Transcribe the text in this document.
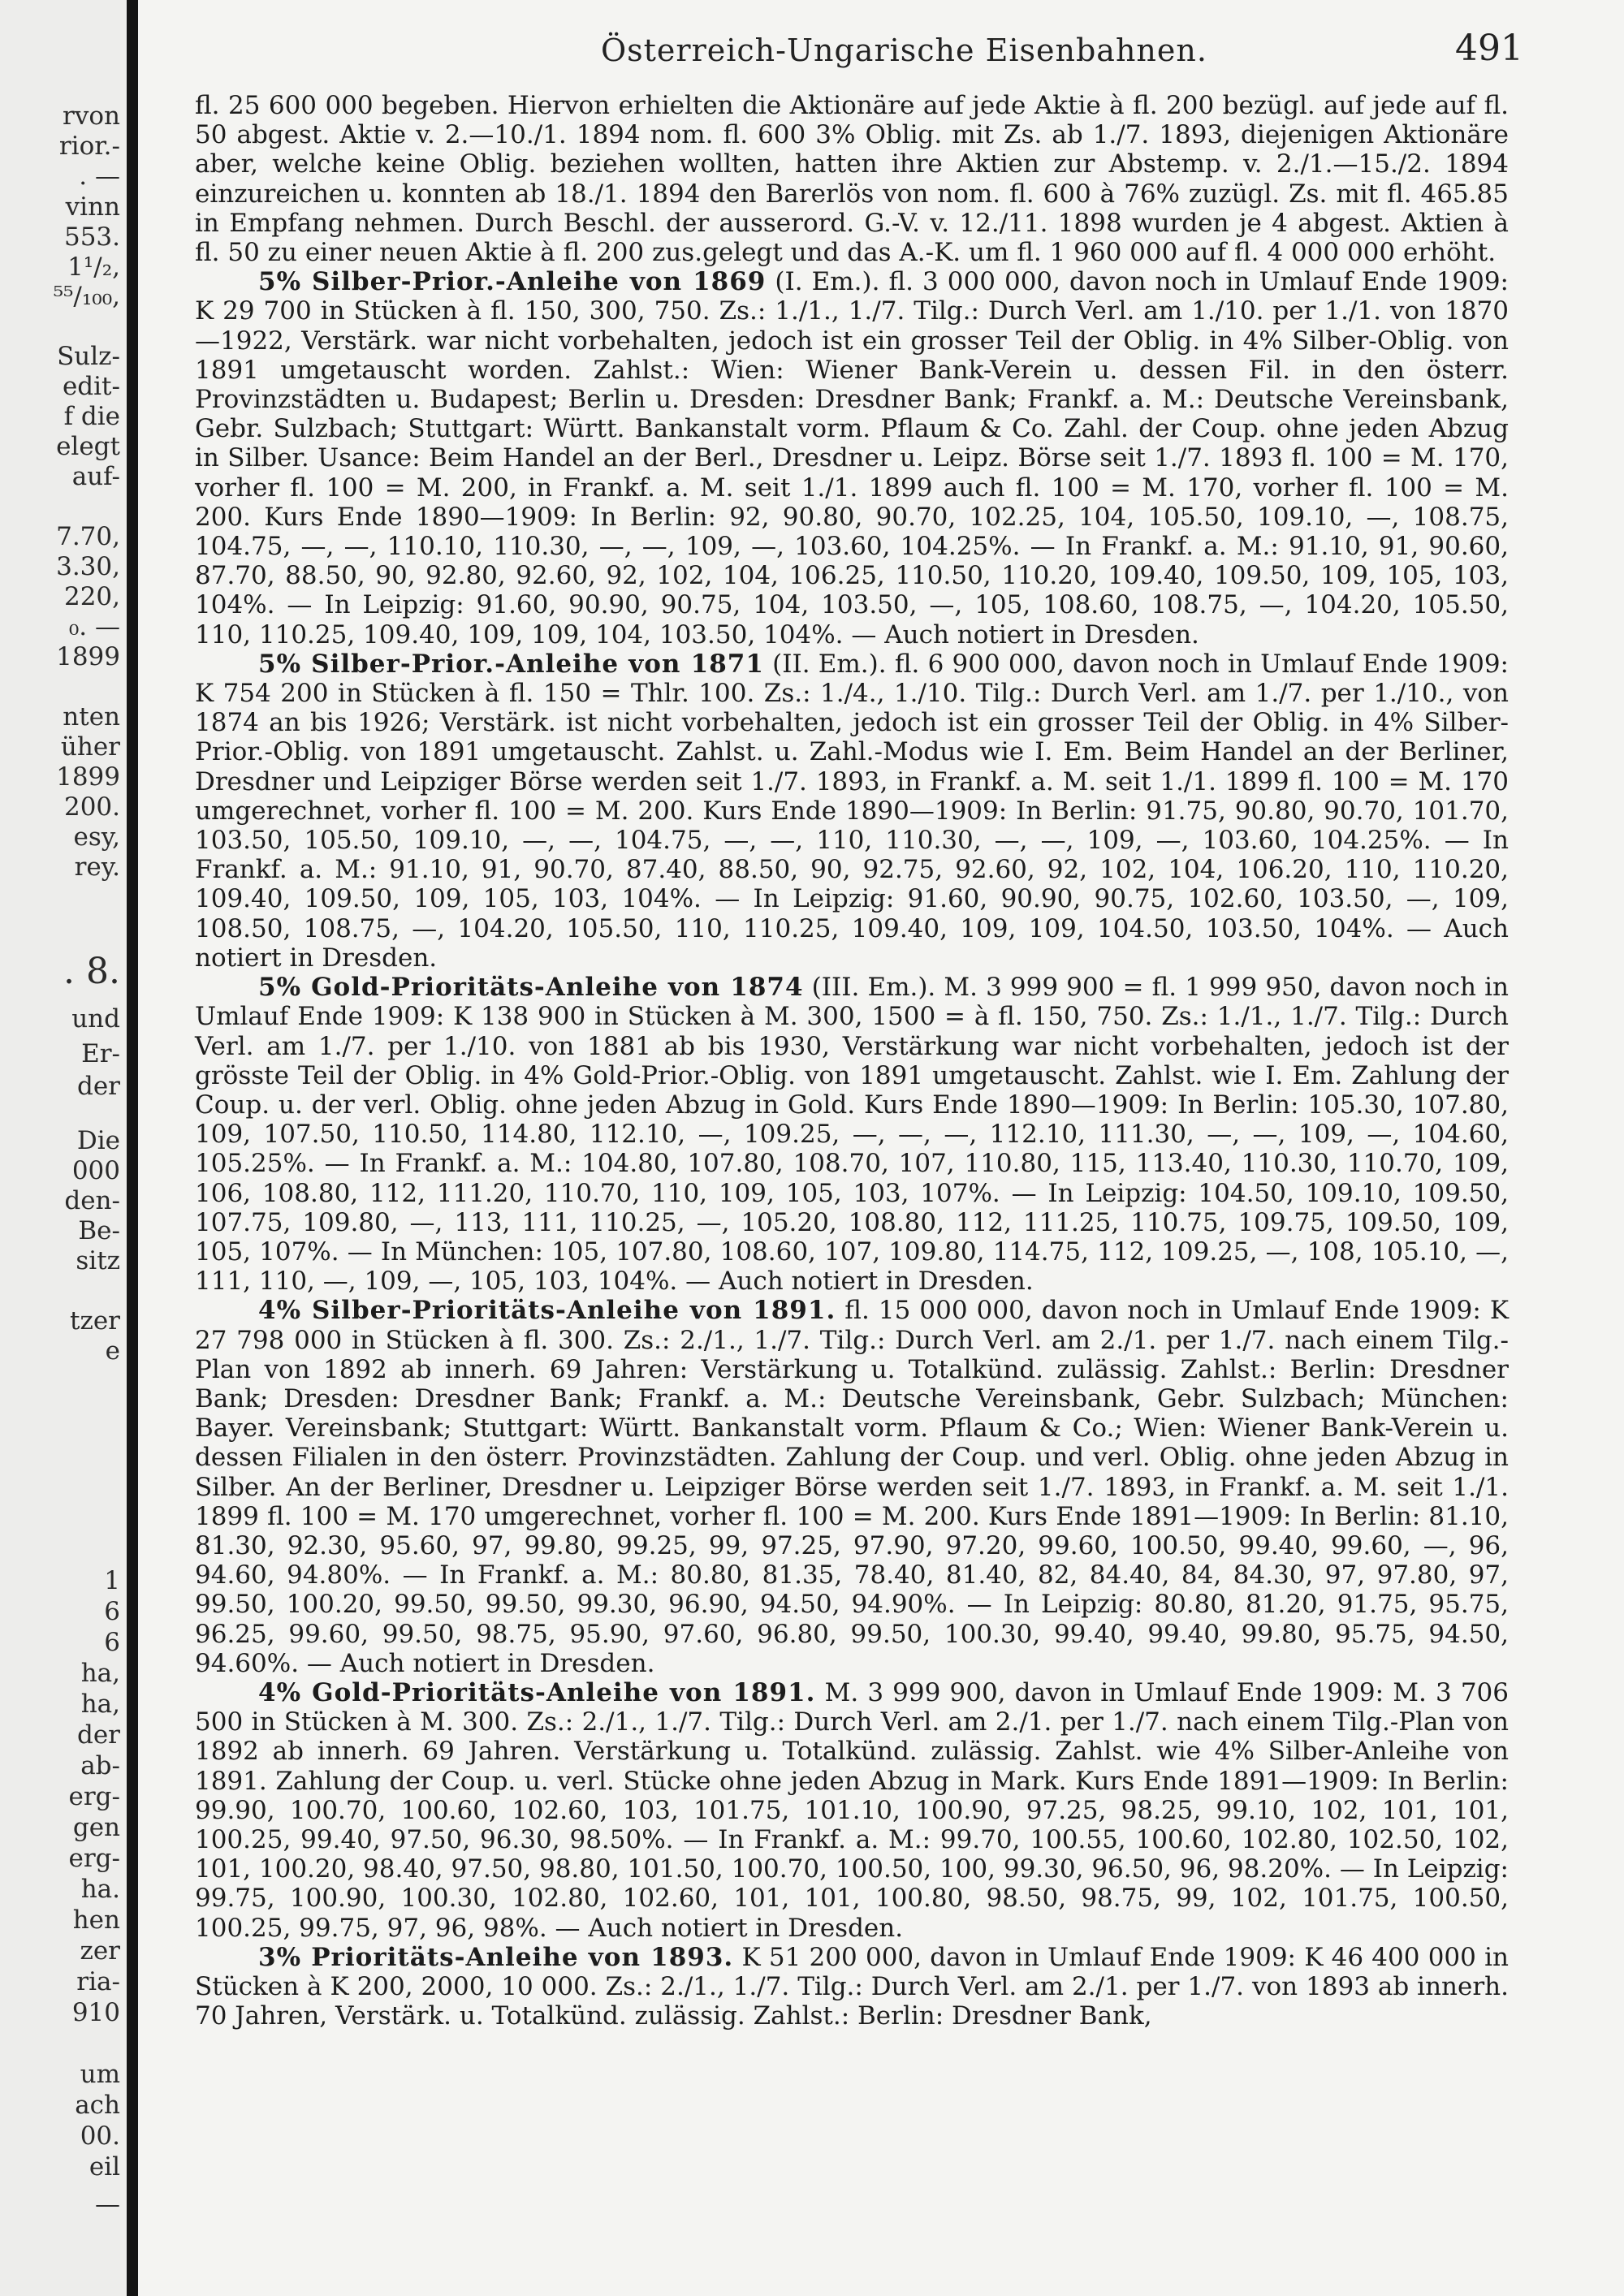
rvon
rior.-
. —
vinn
553.
1¹/₂,
⁵⁵/₁₀₀,
Sulz-
edit-
f die
elegt
auf-
7.70,
3.30,
220,
₀. —
1899
nten
üher
1899
200.
esy,
rey.
. 8.
und
Er-
der
Die
000
den-
Be-
sitz
tzer
e
1
6
6
ha,
ha,
der
ab-
erg-
gen
erg-
ha.
hen
zer
ria-
910
um
ach
00.
eil
—
Österreich-Ungarische Eisenbahnen.	491

fl. 25 600 000 begeben. Hiervon erhielten die Aktionäre auf jede Aktie à fl. 200 bezügl. auf jede auf fl. 50 abgest. Aktie v. 2.—10./1. 1894 nom. fl. 600 3% Oblig. mit Zs. ab 1./7. 1893, diejenigen Aktionäre aber, welche keine Oblig. beziehen wollten, hatten ihre Aktien zur Abstemp. v. 2./1.—15./2. 1894 einzureichen u. konnten ab 18./1. 1894 den Barerlös von nom. fl. 600 à 76% zuzügl. Zs. mit fl. 465.85 in Empfang nehmen. Durch Beschl. der ausserord. G.-V. v. 12./11. 1898 wurden je 4 abgest. Aktien à fl. 50 zu einer neuen Aktie à fl. 200 zus.gelegt und das A.-K. um fl. 1 960 000 auf fl. 4 000 000 erhöht.

5% Silber-Prior.-Anleihe von 1869 (I. Em.). fl. 3 000 000, davon noch in Umlauf Ende 1909: K 29 700 in Stücken à fl. 150, 300, 750. Zs.: 1./1., 1./7. Tilg.: Durch Verl. am 1./10. per 1./1. von 1870—1922, Verstärk. war nicht vorbehalten, jedoch ist ein grosser Teil der Oblig. in 4% Silber-Oblig. von 1891 umgetauscht worden. Zahlst.: Wien: Wiener Bank-Verein u. dessen Fil. in den österr. Provinzstädten u. Budapest; Berlin u. Dresden: Dresdner Bank; Frankf. a. M.: Deutsche Vereinsbank, Gebr. Sulzbach; Stuttgart: Württ. Bankanstalt vorm. Pflaum & Co. Zahl. der Coup. ohne jeden Abzug in Silber. Usance: Beim Handel an der Berl., Dresdner u. Leipz. Börse seit 1./7. 1893 fl. 100 = M. 170, vorher fl. 100 = M. 200, in Frankf. a. M. seit 1./1. 1899 auch fl. 100 = M. 170, vorher fl. 100 = M. 200. Kurs Ende 1890—1909: In Berlin: 92, 90.80, 90.70, 102.25, 104, 105.50, 109.10, —, 108.75, 104.75, —, —, 110.10, 110.30, —, —, 109, —, 103.60, 104.25%. — In Frankf. a. M.: 91.10, 91, 90.60, 87.70, 88.50, 90, 92.80, 92.60, 92, 102, 104, 106.25, 110.50, 110.20, 109.40, 109.50, 109, 105, 103, 104%. — In Leipzig: 91.60, 90.90, 90.75, 104, 103.50, —, 105, 108.60, 108.75, —, 104.20, 105.50, 110, 110.25, 109.40, 109, 109, 104, 103.50, 104%. — Auch notiert in Dresden.

5% Silber-Prior.-Anleihe von 1871 (II. Em.). fl. 6 900 000, davon noch in Umlauf Ende 1909: K 754 200 in Stücken à fl. 150 = Thlr. 100. Zs.: 1./4., 1./10. Tilg.: Durch Verl. am 1./7. per 1./10., von 1874 an bis 1926; Verstärk. ist nicht vorbehalten, jedoch ist ein grosser Teil der Oblig. in 4% Silber-Prior.-Oblig. von 1891 umgetauscht. Zahlst. u. Zahl.-Modus wie I. Em. Beim Handel an der Berliner, Dresdner und Leipziger Börse werden seit 1./7. 1893, in Frankf. a. M. seit 1./1. 1899 fl. 100 = M. 170 umgerechnet, vorher fl. 100 = M. 200. Kurs Ende 1890—1909: In Berlin: 91.75, 90.80, 90.70, 101.70, 103.50, 105.50, 109.10, —, —, 104.75, —, —, 110, 110.30, —, —, 109, —, 103.60, 104.25%. — In Frankf. a. M.: 91.10, 91, 90.70, 87.40, 88.50, 90, 92.75, 92.60, 92, 102, 104, 106.20, 110, 110.20, 109.40, 109.50, 109, 105, 103, 104%. — In Leipzig: 91.60, 90.90, 90.75, 102.60, 103.50, —, 109, 108.50, 108.75, —, 104.20, 105.50, 110, 110.25, 109.40, 109, 109, 104.50, 103.50, 104%. — Auch notiert in Dresden.

5% Gold-Prioritäts-Anleihe von 1874 (III. Em.). M. 3 999 900 = fl. 1 999 950, davon noch in Umlauf Ende 1909: K 138 900 in Stücken à M. 300, 1500 = à fl. 150, 750. Zs.: 1./1., 1./7. Tilg.: Durch Verl. am 1./7. per 1./10. von 1881 ab bis 1930, Verstärkung war nicht vorbehalten, jedoch ist der grösste Teil der Oblig. in 4% Gold-Prior.-Oblig. von 1891 umgetauscht. Zahlst. wie I. Em. Zahlung der Coup. u. der verl. Oblig. ohne jeden Abzug in Gold. Kurs Ende 1890—1909: In Berlin: 105.30, 107.80, 109, 107.50, 110.50, 114.80, 112.10, —, 109.25, —, —, —, 112.10, 111.30, —, —, 109, —, 104.60, 105.25%. — In Frankf. a. M.: 104.80, 107.80, 108.70, 107, 110.80, 115, 113.40, 110.30, 110.70, 109, 106, 108.80, 112, 111.20, 110.70, 110, 109, 105, 103, 107%. — In Leipzig: 104.50, 109.10, 109.50, 107.75, 109.80, —, 113, 111, 110.25, —, 105.20, 108.80, 112, 111.25, 110.75, 109.75, 109.50, 109, 105, 107%. — In München: 105, 107.80, 108.60, 107, 109.80, 114.75, 112, 109.25, —, 108, 105.10, —, 111, 110, —, 109, —, 105, 103, 104%. — Auch notiert in Dresden.

4% Silber-Prioritäts-Anleihe von 1891. fl. 15 000 000, davon noch in Umlauf Ende 1909: K 27 798 000 in Stücken à fl. 300. Zs.: 2./1., 1./7. Tilg.: Durch Verl. am 2./1. per 1./7. nach einem Tilg.-Plan von 1892 ab innerh. 69 Jahren: Verstärkung u. Totalkünd. zulässig. Zahlst.: Berlin: Dresdner Bank; Dresden: Dresdner Bank; Frankf. a. M.: Deutsche Vereinsbank, Gebr. Sulzbach; München: Bayer. Vereinsbank; Stuttgart: Württ. Bankanstalt vorm. Pflaum & Co.; Wien: Wiener Bank-Verein u. dessen Filialen in den österr. Provinzstädten. Zahlung der Coup. und verl. Oblig. ohne jeden Abzug in Silber. An der Berliner, Dresdner u. Leipziger Börse werden seit 1./7. 1893, in Frankf. a. M. seit 1./1. 1899 fl. 100 = M. 170 umgerechnet, vorher fl. 100 = M. 200. Kurs Ende 1891—1909: In Berlin: 81.10, 81.30, 92.30, 95.60, 97, 99.80, 99.25, 99, 97.25, 97.90, 97.20, 99.60, 100.50, 99.40, 99.60, —, 96, 94.60, 94.80%. — In Frankf. a. M.: 80.80, 81.35, 78.40, 81.40, 82, 84.40, 84, 84.30, 97, 97.80, 97, 99.50, 100.20, 99.50, 99.50, 99.30, 96.90, 94.50, 94.90%. — In Leipzig: 80.80, 81.20, 91.75, 95.75, 96.25, 99.60, 99.50, 98.75, 95.90, 97.60, 96.80, 99.50, 100.30, 99.40, 99.40, 99.80, 95.75, 94.50, 94.60%. — Auch notiert in Dresden.

4% Gold-Prioritäts-Anleihe von 1891. M. 3 999 900, davon in Umlauf Ende 1909: M. 3 706 500 in Stücken à M. 300. Zs.: 2./1., 1./7. Tilg.: Durch Verl. am 2./1. per 1./7. nach einem Tilg.-Plan von 1892 ab innerh. 69 Jahren. Verstärkung u. Totalkünd. zulässig. Zahlst. wie 4% Silber-Anleihe von 1891. Zahlung der Coup. u. verl. Stücke ohne jeden Abzug in Mark. Kurs Ende 1891—1909: In Berlin: 99.90, 100.70, 100.60, 102.60, 103, 101.75, 101.10, 100.90, 97.25, 98.25, 99.10, 102, 101, 101, 100.25, 99.40, 97.50, 96.30, 98.50%. — In Frankf. a. M.: 99.70, 100.55, 100.60, 102.80, 102.50, 102, 101, 100.20, 98.40, 97.50, 98.80, 101.50, 100.70, 100.50, 100, 99.30, 96.50, 96, 98.20%. — In Leipzig: 99.75, 100.90, 100.30, 102.80, 102.60, 101, 101, 100.80, 98.50, 98.75, 99, 102, 101.75, 100.50, 100.25, 99.75, 97, 96, 98%. — Auch notiert in Dresden.

3% Prioritäts-Anleihe von 1893. K 51 200 000, davon in Umlauf Ende 1909: K 46 400 000 in Stücken à K 200, 2000, 10 000. Zs.: 2./1., 1./7. Tilg.: Durch Verl. am 2./1. per 1./7. von 1893 ab innerh. 70 Jahren, Verstärk. u. Totalkünd. zulässig. Zahlst.: Berlin: Dresdner Bank,
